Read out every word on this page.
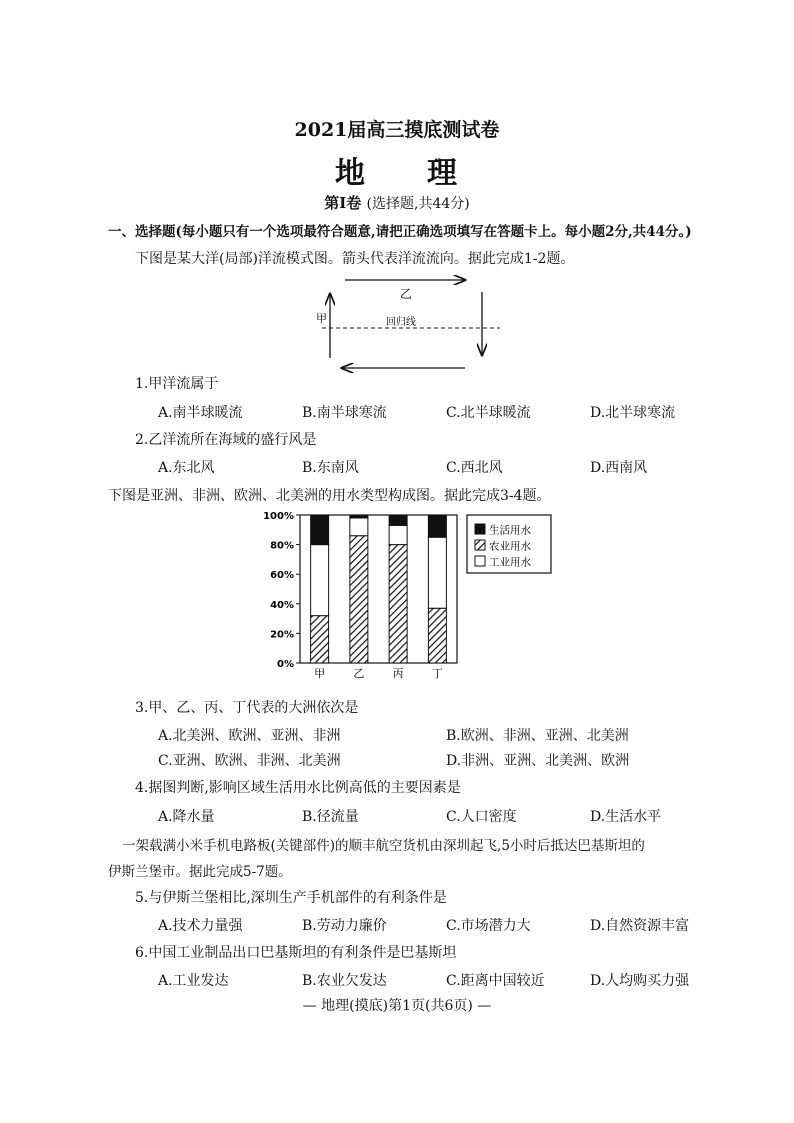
2021届高三摸底测试卷
地 理
第Ⅰ卷 (选择题,共44分)
一、选择题(每小题只有一个选项最符合题意,请把正确选项填写在答题卡上。每小题2分,共44分。)
下图是某大洋(局部)洋流模式图。箭头代表洋流流向。据此完成1-2题。
乙
甲	回归线
1.甲洋流属于
A.南半球暖流	B.南半球寒流	C.北半球暖流	D.北半球寒流
2.乙洋流所在海域的盛行风是
A.东北风	B.东南风	C.西北风	D.西南风
下图是亚洲、非洲、欧洲、北美洲的用水类型构成图。据此完成3-4题。
0%
20%
40%
60%
80%
100%
甲	乙	丙	丁
生活用水
农业用水
工业用水
3.甲、乙、丙、丁代表的大洲依次是
A.北美洲、欧洲、亚洲、非洲	B.欧洲、非洲、亚洲、北美洲
C.亚洲、欧洲、非洲、北美洲	D.非洲、亚洲、北美洲、欧洲
4.据图判断,影响区域生活用水比例高低的主要因素是
A.降水量	B.径流量	C.人口密度	D.生活水平
一架载满小米手机电路板(关键部件)的顺丰航空货机由深圳起飞,5小时后抵达巴基斯坦的
伊斯兰堡市。据此完成5-7题。
5.与伊斯兰堡相比,深圳生产手机部件的有利条件是
A.技术力量强	B.劳动力廉价	C.市场潜力大	D.自然资源丰富
6.中国工业制品出口巴基斯坦的有利条件是巴基斯坦
A.工业发达	B.农业欠发达	C.距离中国较近	D.人均购买力强
— 地理(摸底)第1页(共6页) —
